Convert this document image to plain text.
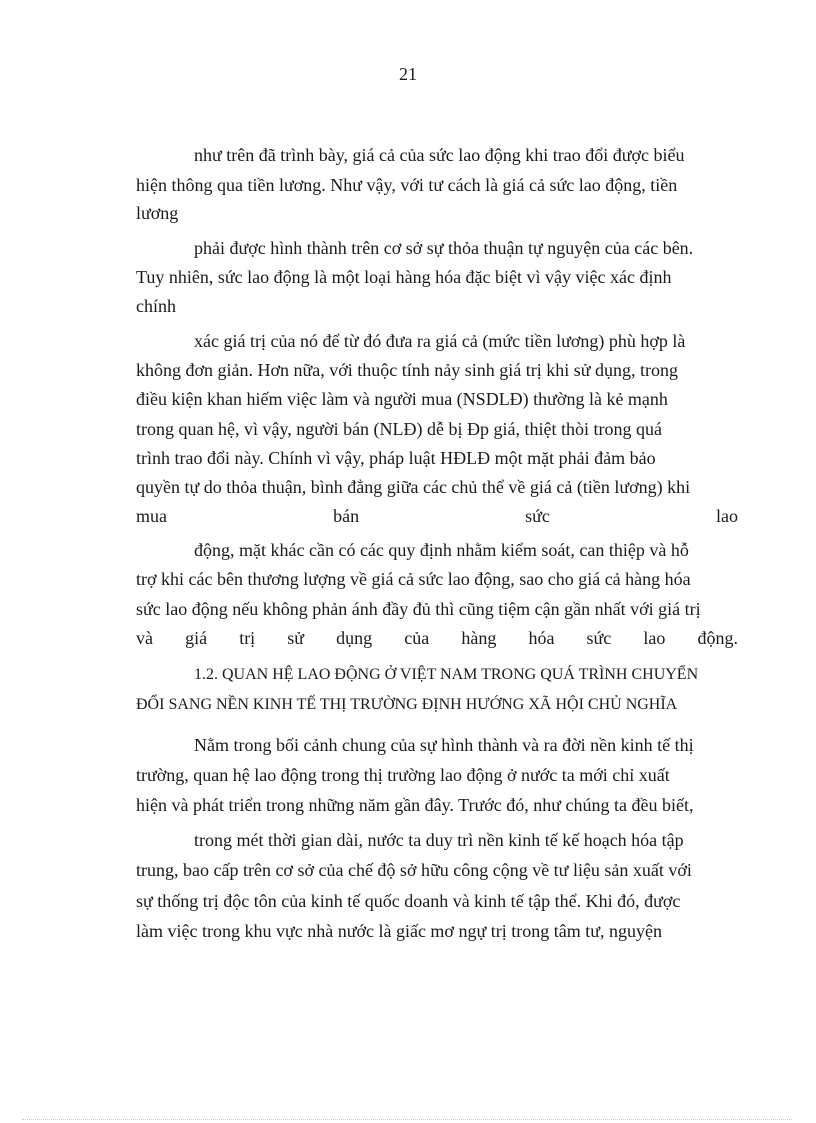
21
như trên đã trình bày, giá cả của sức lao động khi trao đổi được biểu
hiện thông qua tiền lương. Như vậy, với tư cách là giá cả sức lao động, tiền
lương
phải được hình thành trên cơ sở sự thỏa thuận tự nguyện của các bên.
Tuy nhiên, sức lao động là một loại hàng hóa đặc biệt vì vậy việc xác định
chính
xác giá trị của nó để từ đó đưa ra giá cả (mức tiền lương) phù hợp là
không đơn giản. Hơn nữa, với thuộc tính nảy sinh giá trị khi sử dụng, trong
điều kiện khan hiếm việc làm và người mua (NSDLĐ) thường là kẻ mạnh
trong quan hệ, vì vậy, người bán (NLĐ) dễ bị Ðp giá, thiệt thòi trong quá
trình trao đổi này. Chính vì vậy, pháp luật HĐLĐ một mặt phải đảm bảo
quyền tự do thỏa thuận, bình đẳng giữa các chủ thể về giá cả (tiền lương) khi
mua bán sức lao
động, mặt khác cần có các quy định nhằm kiểm soát, can thiệp và hỗ
trợ khi các bên thương lượng về giá cả sức lao động, sao cho giá cả hàng hóa
sức lao động nếu không phản ánh đầy đủ thì cũng tiệm cận gần nhất với giá trị
và giá trị sử dụng của hàng hóa sức lao động.
1.2. QUAN HỆ LAO ĐỘNG Ở VIỆT NAM TRONG QUÁ TRÌNH CHUYỂN
ĐỔI SANG NỀN KINH TẾ THỊ TRƯỜNG ĐỊNH HƯỚNG XÃ HỘI CHỦ NGHĨA
Nằm trong bối cảnh chung của sự hình thành và ra đời nền kinh tế thị
trường, quan hệ lao động trong thị trường lao động ở nước ta mới chỉ xuất
hiện và phát triển trong những năm gần đây. Trước đó, như chúng ta đều biết,
trong mét thời gian dài, nước ta duy trì nền kinh tế kế hoạch hóa tập
trung, bao cấp trên cơ sở của chế độ sở hữu công cộng về tư liệu sản xuất với
sự thống trị độc tôn của kinh tế quốc doanh và kinh tế tập thể. Khi đó, được
làm việc trong khu vực nhà nước là giấc mơ ngự trị trong tâm tư, nguyện
